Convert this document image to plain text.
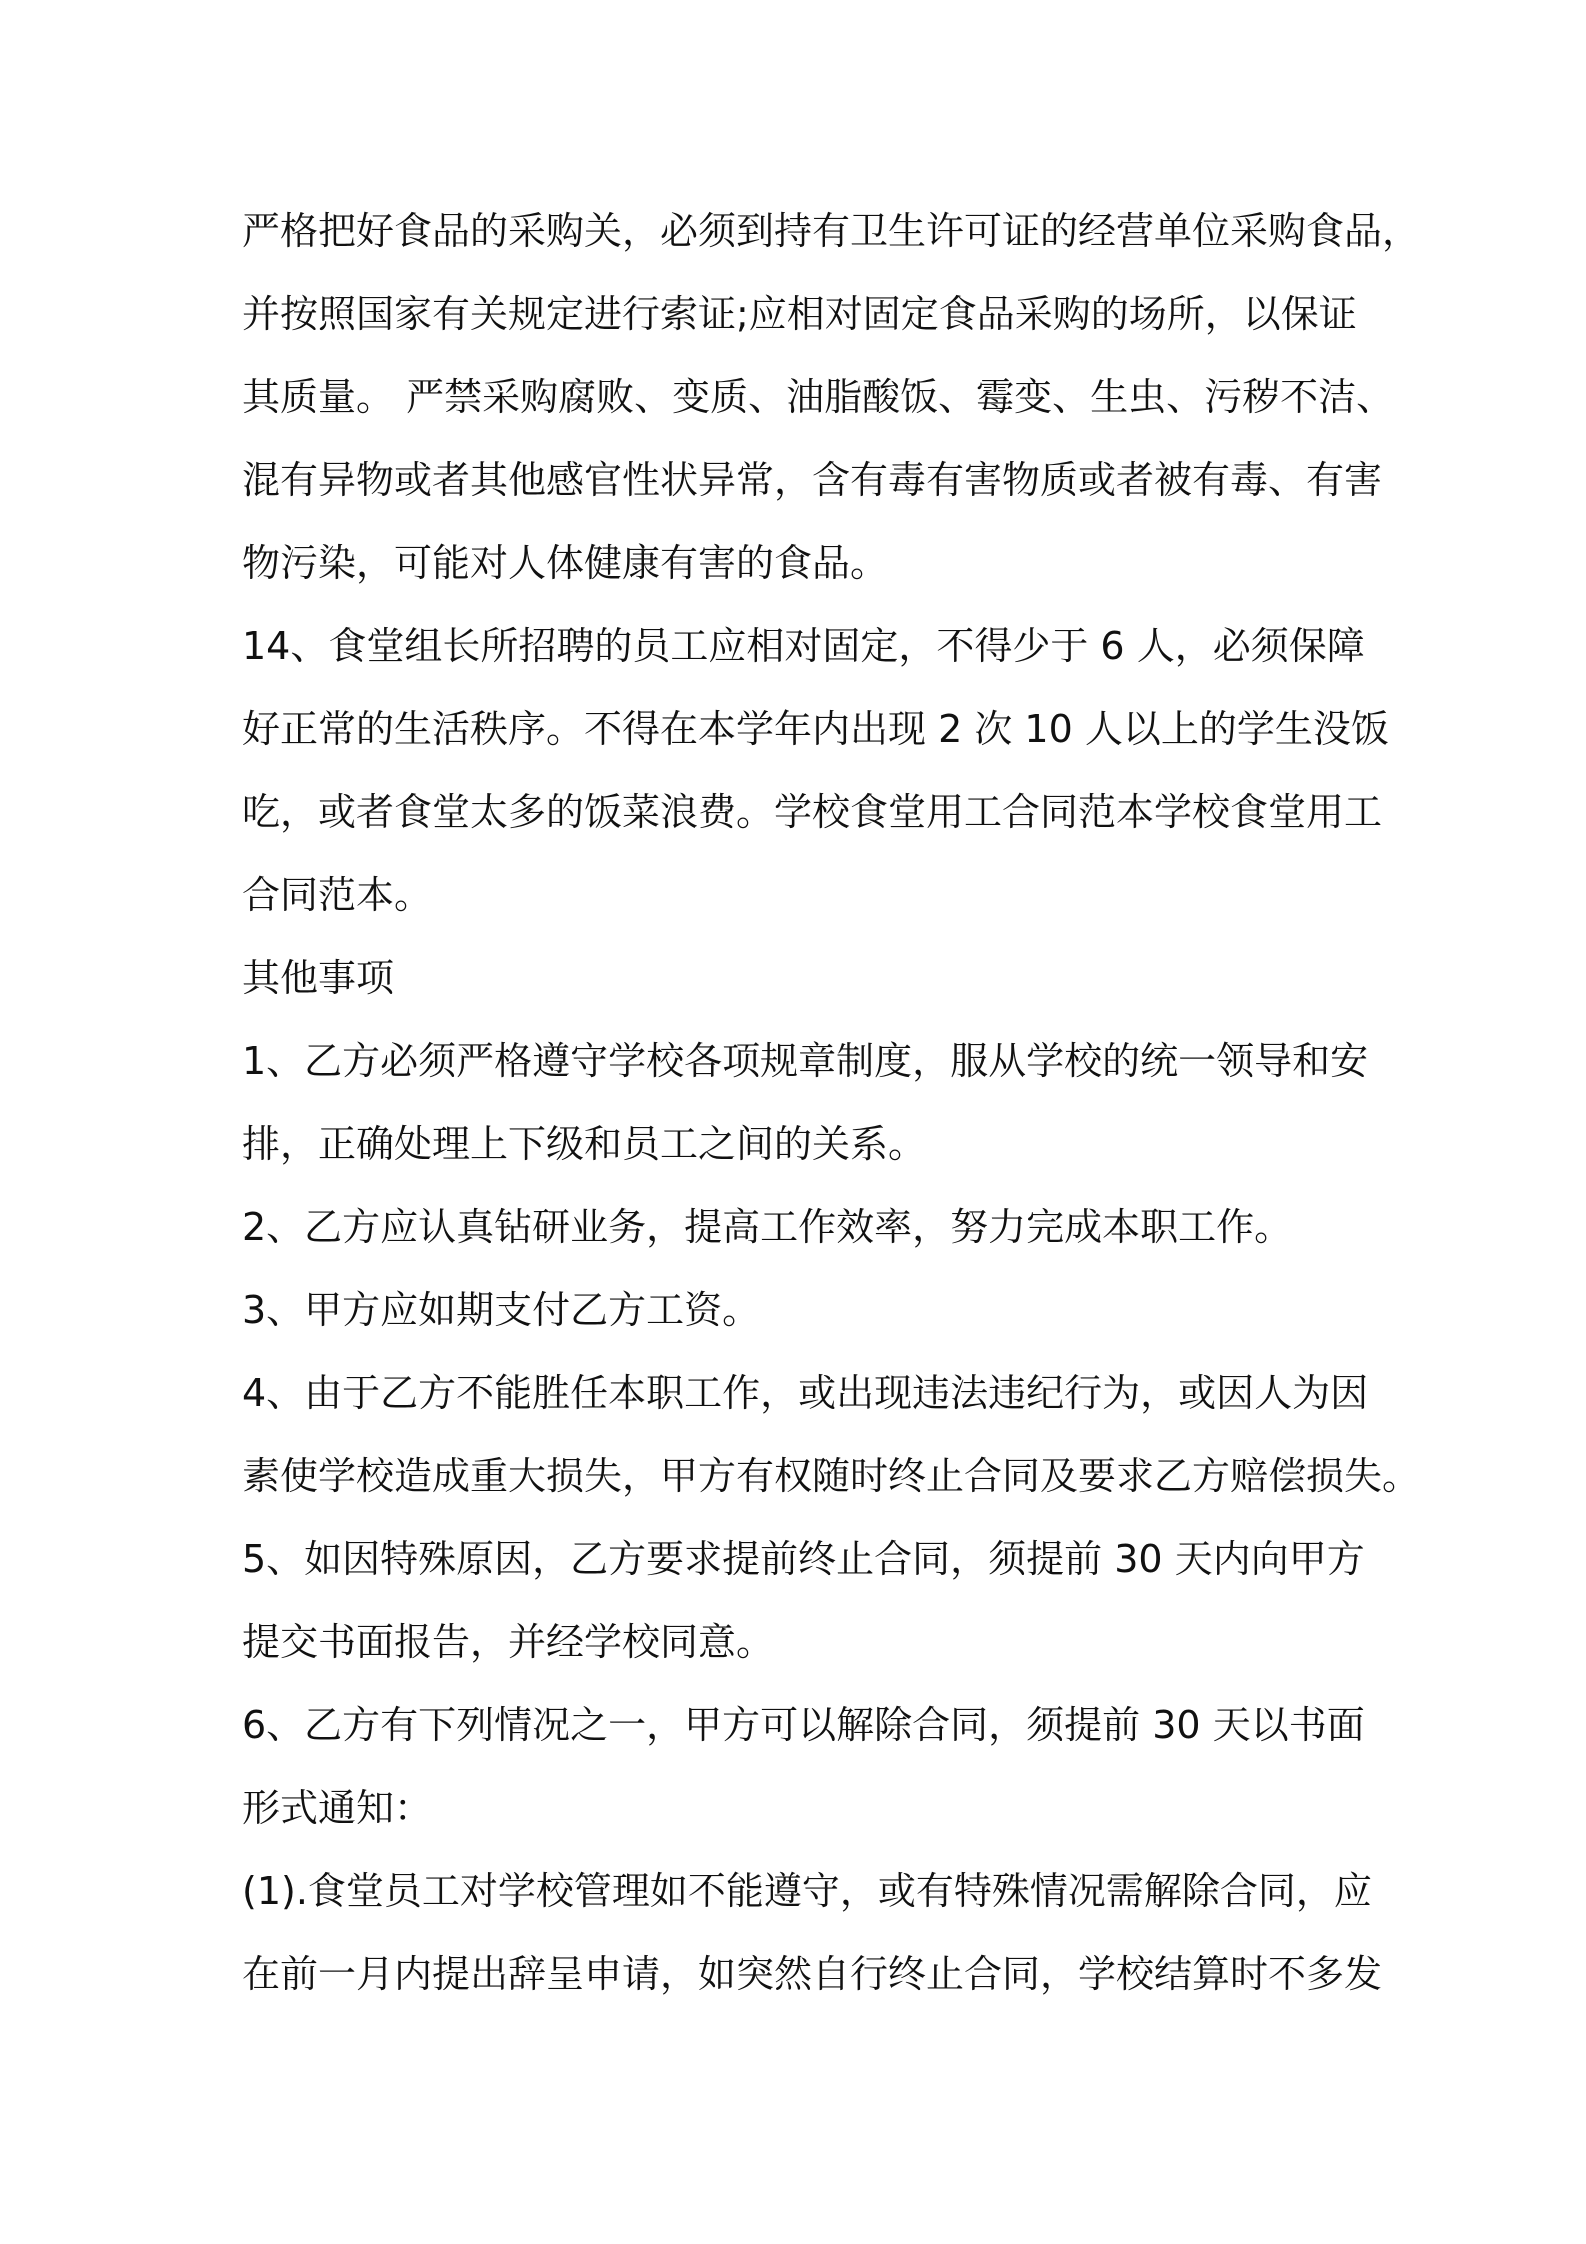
严格把好食品的采购关，必须到持有卫生许可证的经营单位采购食品，

并按照国家有关规定进行索证;应相对固定食品采购的场所，以保证

其质量。 严禁采购腐败、变质、油脂酸饭、霉变、生虫、污秽不洁、

混有异物或者其他感官性状异常，含有毒有害物质或者被有毒、有害

物污染，可能对人体健康有害的食品。

14、食堂组长所招聘的员工应相对固定，不得少于 6 人，必须保障

好正常的生活秩序。不得在本学年内出现 2 次 10 人以上的学生没饭

吃，或者食堂太多的饭菜浪费。学校食堂用工合同范本学校食堂用工

合同范本。

其他事项

1、乙方必须严格遵守学校各项规章制度，服从学校的统一领导和安

排，正确处理上下级和员工之间的关系。

2、乙方应认真钻研业务，提高工作效率，努力完成本职工作。

3、甲方应如期支付乙方工资。

4、由于乙方不能胜任本职工作，或出现违法违纪行为，或因人为因

素使学校造成重大损失，甲方有权随时终止合同及要求乙方赔偿损失。

5、如因特殊原因，乙方要求提前终止合同，须提前 30 天内向甲方

提交书面报告，并经学校同意。

6、乙方有下列情况之一，甲方可以解除合同，须提前 30 天以书面

形式通知：

(1).食堂员工对学校管理如不能遵守，或有特殊情况需解除合同，应

在前一月内提出辞呈申请，如突然自行终止合同，学校结算时不多发
